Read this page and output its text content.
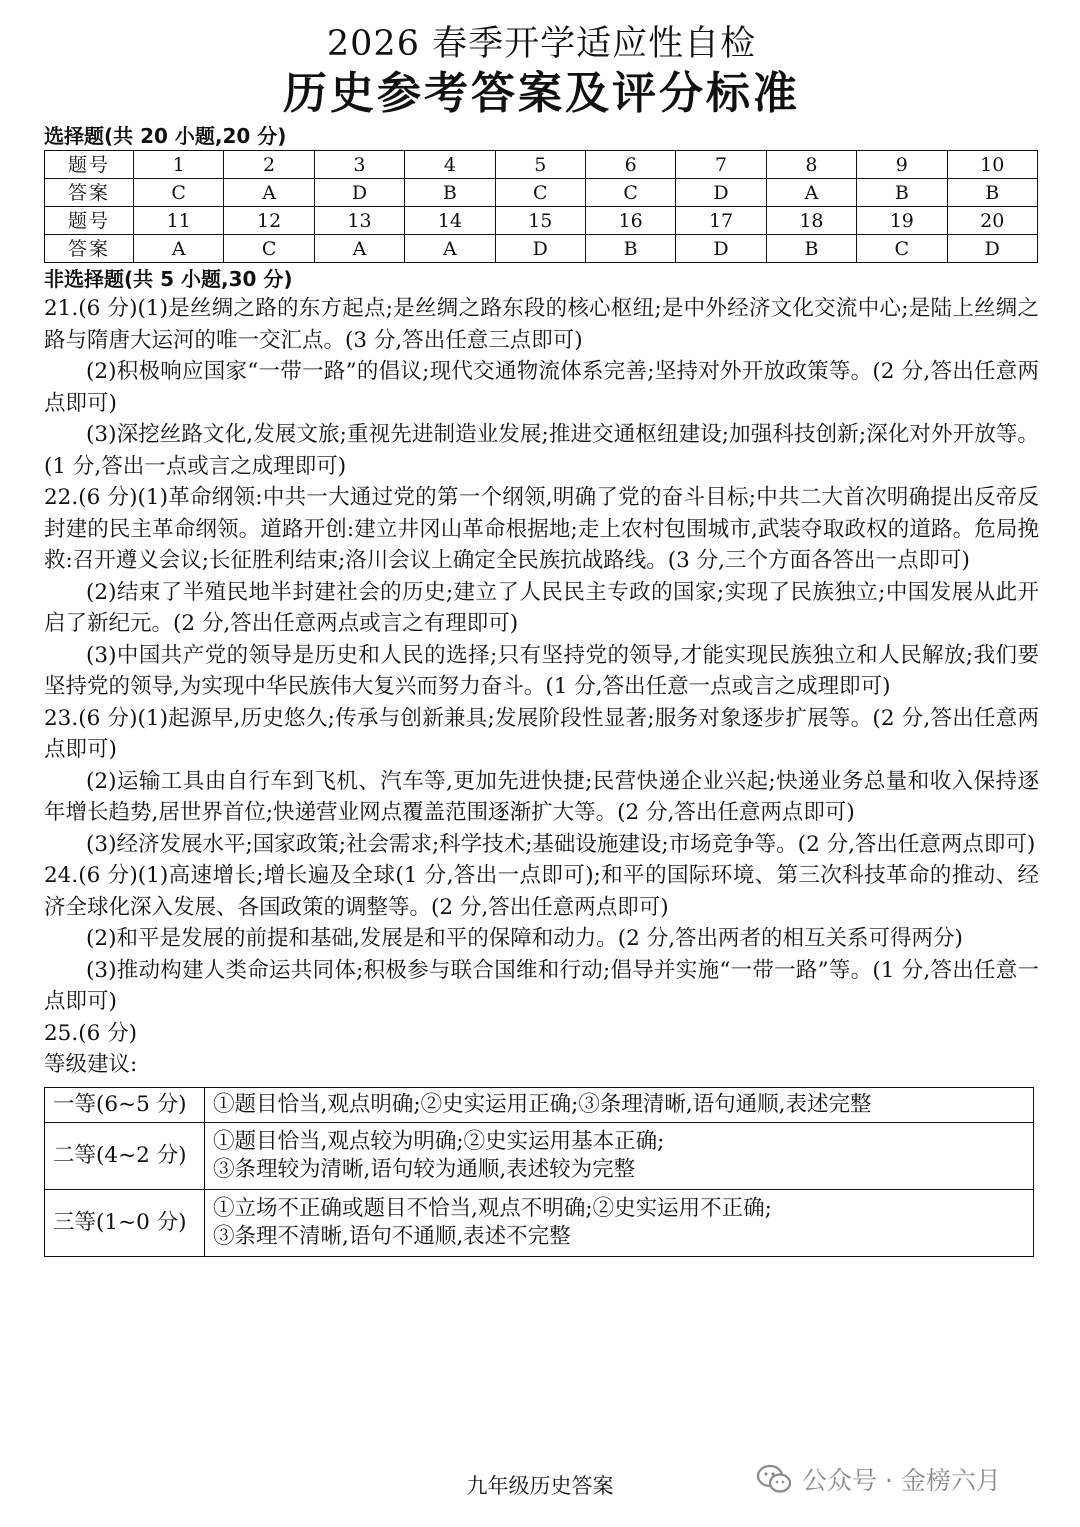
2026 春季开学适应性自检
历史参考答案及评分标准
选择题(共 20 小题,20 分)
题号	1	2	3	4	5	6	7	8	9	10
答案	C	A	D	B	C	C	D	A	B	B
题号	11	12	13	14	15	16	17	18	19	20
答案	A	C	A	A	D	B	D	B	C	D
非选择题(共 5 小题,30 分)

21.(6 分)(1)是丝绸之路的东方起点;是丝绸之路东段的核心枢纽;是中外经济文化交流中心;是陆上丝绸之路与隋唐大运河的唯一交汇点。(3 分,答出任意三点即可)

(2)积极响应国家“一带一路”的倡议;现代交通物流体系完善;坚持对外开放政策等。(2 分,答出任意两点即可)

(3)深挖丝路文化,发展文旅;重视先进制造业发展;推进交通枢纽建设;加强科技创新;深化对外开放等。(1 分,答出一点或言之成理即可)

22.(6 分)(1)革命纲领:中共一大通过党的第一个纲领,明确了党的奋斗目标;中共二大首次明确提出反帝反封建的民主革命纲领。道路开创:建立井冈山革命根据地;走上农村包围城市,武装夺取政权的道路。危局挽救:召开遵义会议;长征胜利结束;洛川会议上确定全民族抗战路线。(3 分,三个方面各答出一点即可)

(2)结束了半殖民地半封建社会的历史;建立了人民民主专政的国家;实现了民族独立;中国发展从此开启了新纪元。(2 分,答出任意两点或言之有理即可)

(3)中国共产党的领导是历史和人民的选择;只有坚持党的领导,才能实现民族独立和人民解放;我们要坚持党的领导,为实现中华民族伟大复兴而努力奋斗。(1 分,答出任意一点或言之成理即可)

23.(6 分)(1)起源早,历史悠久;传承与创新兼具;发展阶段性显著;服务对象逐步扩展等。(2 分,答出任意两点即可)

(2)运输工具由自行车到飞机、汽车等,更加先进快捷;民营快递企业兴起;快递业务总量和收入保持逐年增长趋势,居世界首位;快递营业网点覆盖范围逐渐扩大等。(2 分,答出任意两点即可)

(3)经济发展水平;国家政策;社会需求;科学技术;基础设施建设;市场竞争等。(2 分,答出任意两点即可)

24.(6 分)(1)高速增长;增长遍及全球(1 分,答出一点即可);和平的国际环境、第三次科技革命的推动、经济全球化深入发展、各国政策的调整等。(2 分,答出任意两点即可)

(2)和平是发展的前提和基础,发展是和平的保障和动力。(2 分,答出两者的相互关系可得两分)

(3)推动构建人类命运共同体;积极参与联合国维和行动;倡导并实施“一带一路”等。(1 分,答出任意一点即可)

25.(6 分)

等级建议:

一等(6~5 分)	①题目恰当,观点明确;②史实运用正确;③条理清晰,语句通顺,表述完整

二等(4~2 分)	①题目恰当,观点较为明确;②史实运用基本正确;
③条理较为清晰,语句较为通顺,表述较为完整

三等(1~0 分)	①立场不正确或题目不恰当,观点不明确;②史实运用不正确;
③条理不清晰,语句不通顺,表述不完整
九年级历史答案	公众号 · 金榜六月
